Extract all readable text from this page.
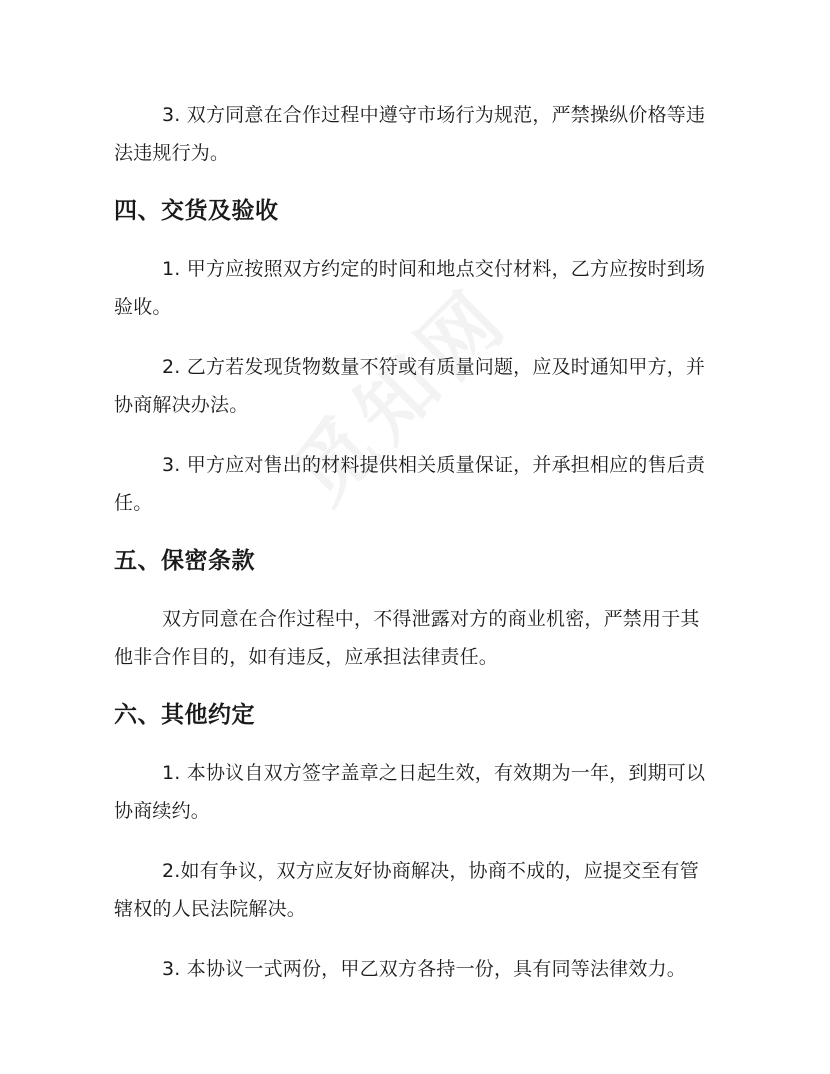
3. 双方同意在合作过程中遵守市场行为规范，严禁操纵价格等违法违规行为。

四、交货及验收

1. 甲方应按照双方约定的时间和地点交付材料，乙方应按时到场验收。

2. 乙方若发现货物数量不符或有质量问题，应及时通知甲方，并协商解决办法。

3. 甲方应对售出的材料提供相关质量保证，并承担相应的售后责任。

五、保密条款

双方同意在合作过程中，不得泄露对方的商业机密，严禁用于其他非合作目的，如有违反，应承担法律责任。

六、其他约定

1. 本协议自双方签字盖章之日起生效，有效期为一年，到期可以协商续约。

2.如有争议，双方应友好协商解决，协商不成的，应提交至有管辖权的人民法院解决。

3. 本协议一式两份，甲乙双方各持一份，具有同等法律效力。
